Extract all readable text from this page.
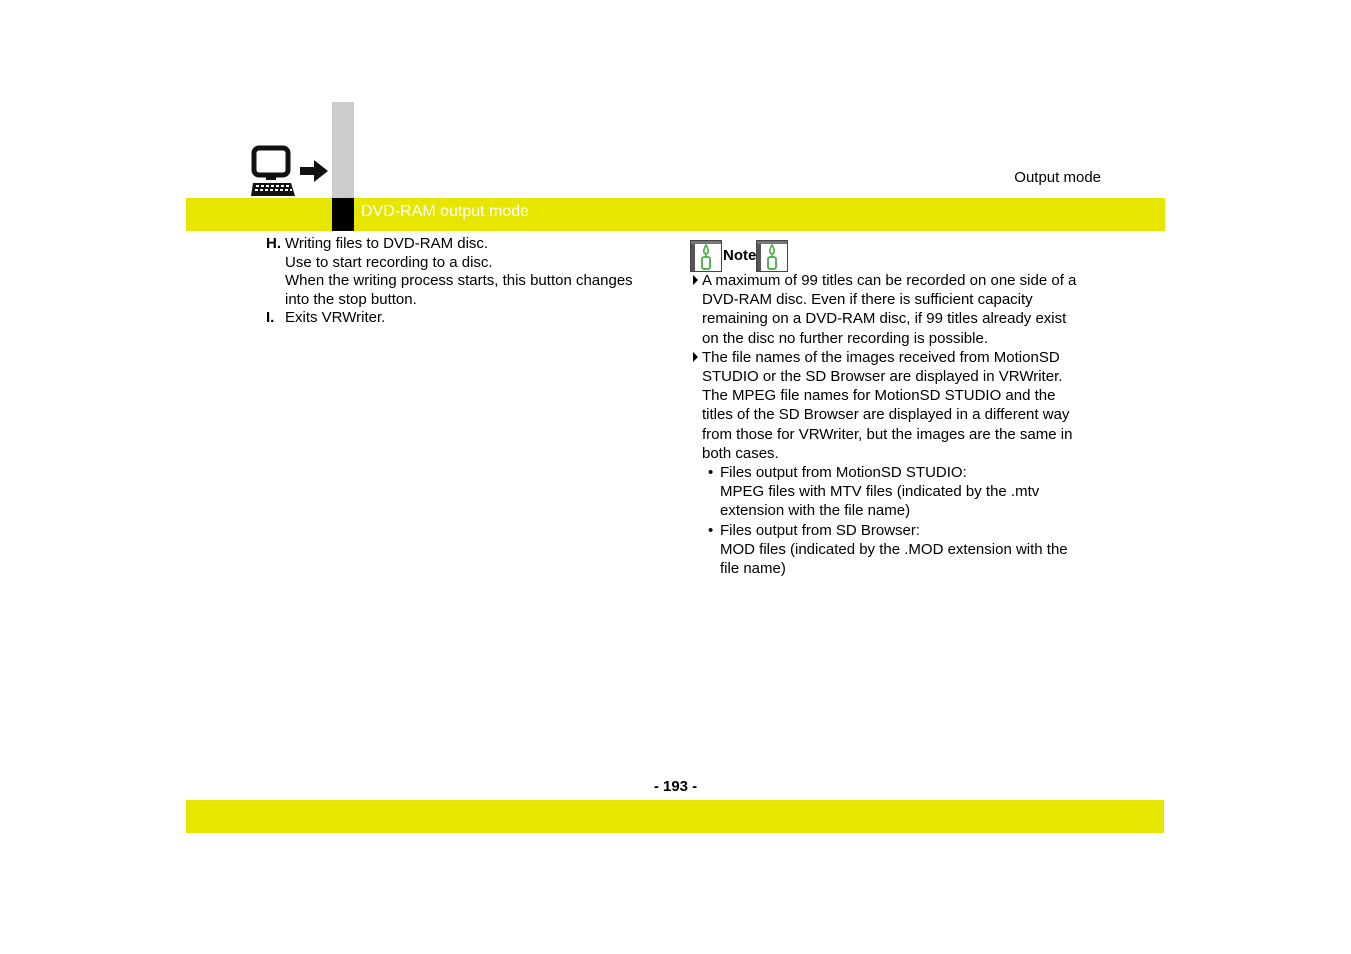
DVD-RAM output mode
Output mode
H. Writing files to DVD-RAM disc.
Use to start recording to a disc.
When the writing process starts, this button changes
into the stop button.
I. Exits VRWriter.
Note
A maximum of 99 titles can be recorded on one side of a
DVD-RAM disc. Even if there is sufficient capacity
remaining on a DVD-RAM disc, if 99 titles already exist
on the disc no further recording is possible.
The file names of the images received from MotionSD
STUDIO or the SD Browser are displayed in VRWriter.
The MPEG file names for MotionSD STUDIO and the
titles of the SD Browser are displayed in a different way
from those for VRWriter, but the images are the same in
both cases.
• Files output from MotionSD STUDIO:
MPEG files with MTV files (indicated by the .mtv
extension with the file name)
• Files output from SD Browser:
MOD files (indicated by the .MOD extension with the
file name)
- 193 -
